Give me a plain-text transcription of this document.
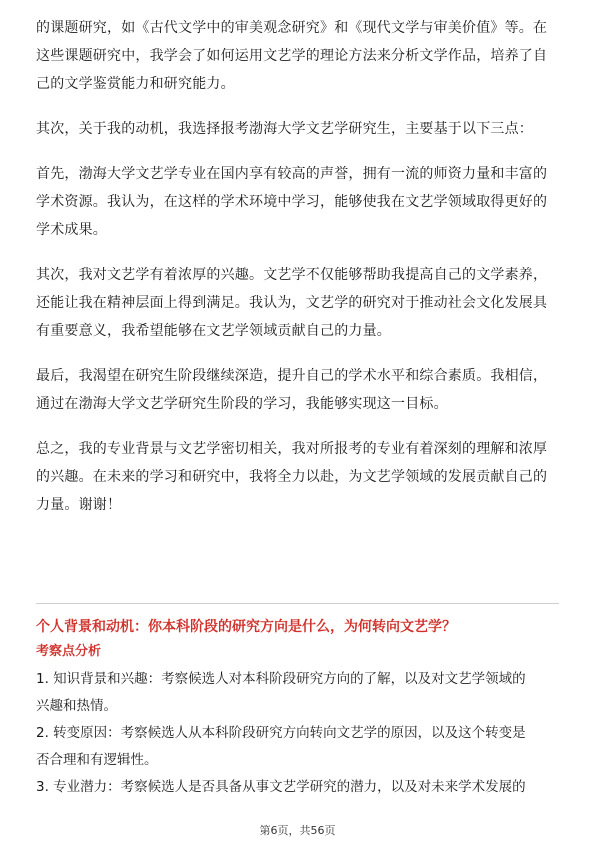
的课题研究，如《古代文学中的审美观念研究》和《现代文学与审美价值》等。在
这些课题研究中，我学会了如何运用文艺学的理论方法来分析文学作品，培养了自
己的文学鉴赏能力和研究能力。

其次，关于我的动机，我选择报考渤海大学文艺学研究生，主要基于以下三点：

首先，渤海大学文艺学专业在国内享有较高的声誉，拥有一流的师资力量和丰富的
学术资源。我认为，在这样的学术环境中学习，能够使我在文艺学领域取得更好的
学术成果。

其次，我对文艺学有着浓厚的兴趣。文艺学不仅能够帮助我提高自己的文学素养，
还能让我在精神层面上得到满足。我认为，文艺学的研究对于推动社会文化发展具
有重要意义，我希望能够在文艺学领域贡献自己的力量。

最后，我渴望在研究生阶段继续深造，提升自己的学术水平和综合素质。我相信，
通过在渤海大学文艺学研究生阶段的学习，我能够实现这一目标。

总之，我的专业背景与文艺学密切相关，我对所报考的专业有着深刻的理解和浓厚
的兴趣。在未来的学习和研究中，我将全力以赴，为文艺学领域的发展贡献自己的
力量。谢谢！

个人背景和动机：你本科阶段的研究方向是什么，为何转向文艺学？

考察点分析

1. 知识背景和兴趣：考察候选人对本科阶段研究方向的了解，以及对文艺学领域的
兴趣和热情。

2. 转变原因：考察候选人从本科阶段研究方向转向文艺学的原因，以及这个转变是
否合理和有逻辑性。

3. 专业潜力：考察候选人是否具备从事文艺学研究的潜力，以及对未来学术发展的

第6页，共56页
